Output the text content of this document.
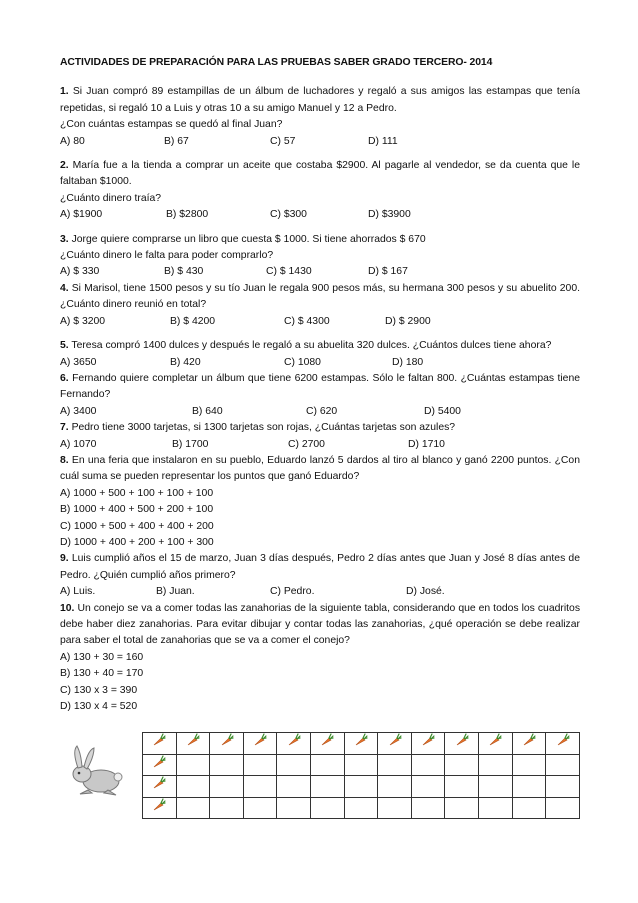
ACTIVIDADES DE PREPARACIÓN PARA LAS PRUEBAS SABER GRADO TERCERO- 2014

1. Si Juan compró 89 estampillas de un álbum de luchadores y regaló a sus amigos las estampas que tenía repetidas, si regaló 10 a Luis y otras 10 a su amigo Manuel y 12 a Pedro.

¿Con cuántas estampas se quedó al final Juan?

A) 80	B) 67	C) 57	D) 111

2. María fue a la tienda a comprar un aceite que costaba $2900. Al pagarle al vendedor, se da cuenta que le faltaban $1000.

¿Cuánto dinero traía?

A) $1900	B) $2800	C) $300	D) $3900

3. Jorge quiere comprarse un libro que cuesta $ 1000. Si tiene ahorrados $ 670

¿Cuánto dinero le falta para poder comprarlo?

A) $ 330	B) $ 430	C) $ 1430	D) $ 167

4. Si Marisol, tiene 1500 pesos y su tío Juan le regala 900 pesos más, su hermana 300 pesos y su abuelito 200. ¿Cuánto dinero reunió en total?

A) $ 3200	B) $ 4200	C) $ 4300	D) $ 2900

5. Teresa compró 1400 dulces y después le regaló a su abuelita 320 dulces. ¿Cuántos dulces tiene ahora?

A) 3650	B) 420	C) 1080	D) 180

6. Fernando quiere completar un álbum que tiene 6200 estampas. Sólo le faltan 800. ¿Cuántas estampas tiene Fernando?

A) 3400	B) 640	C) 620	D) 5400

7. Pedro tiene 3000 tarjetas, si 1300 tarjetas son rojas, ¿Cuántas tarjetas son azules?

A) 1070	B) 1700	C) 2700	D) 1710

8. En una feria que instalaron en su pueblo, Eduardo lanzó 5 dardos al tiro al blanco y ganó 2200 puntos. ¿Con cuál suma se pueden representar los puntos que ganó Eduardo?

A) 1000 + 500 + 100 + 100 + 100
B) 1000 + 400 + 500 + 200 + 100
C) 1000 + 500 + 400 + 400 + 200
D) 1000 + 400 + 200 + 100 + 300

9. Luis cumplió años el 15 de marzo, Juan 3 días después, Pedro 2 días antes que Juan y José 8 días antes de Pedro. ¿Quién cumplió años primero?

A) Luis.	B) Juan.	C) Pedro.	D) José.

10. Un conejo se va a comer todas las zanahorias de la siguiente tabla, considerando que en todos los cuadritos debe haber diez zanahorias. Para evitar dibujar y contar todas las zanahorias, ¿qué operación se debe realizar para saber el total de zanahorias que se va a comer el conejo?

A) 130 + 30 = 160
B) 130 + 40 = 170
C) 130 x 3 = 390
D) 130 x 4 = 520
